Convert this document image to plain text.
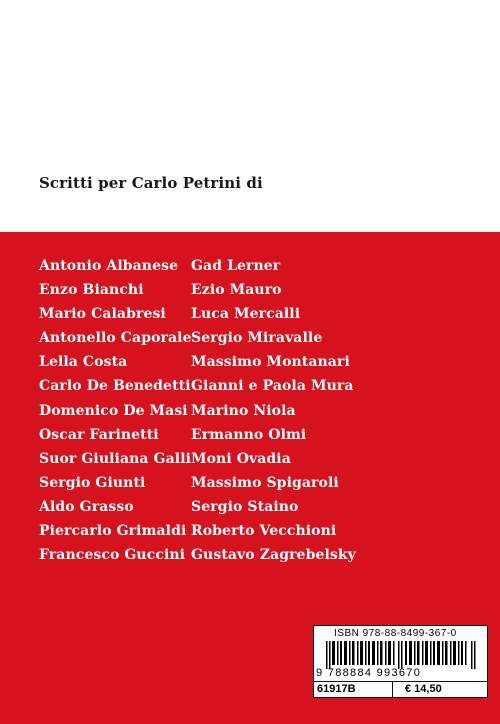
Scritti per Carlo Petrini di
Antonio Albanese
Enzo Bianchi
Mario Calabresi
Antonello Caporale
Lella Costa
Carlo De Benedetti
Domenico De Masi
Oscar Farinetti
Suor Giuliana Galli
Sergio Giunti
Aldo Grasso
Piercarlo Grimaldi
Francesco Guccini
Gad Lerner
Ezio Mauro
Luca Mercalli
Sergio Miravalle
Massimo Montanari
Gianni e Paola Mura
Marino Niola
Ermanno Olmi
Moni Ovadia
Massimo Spigaroli
Sergio Staino
Roberto Vecchioni
Gustavo Zagrebelsky
ISBN 978-88-8499-367-0
9 788884 993670
61917B	€ 14,50
